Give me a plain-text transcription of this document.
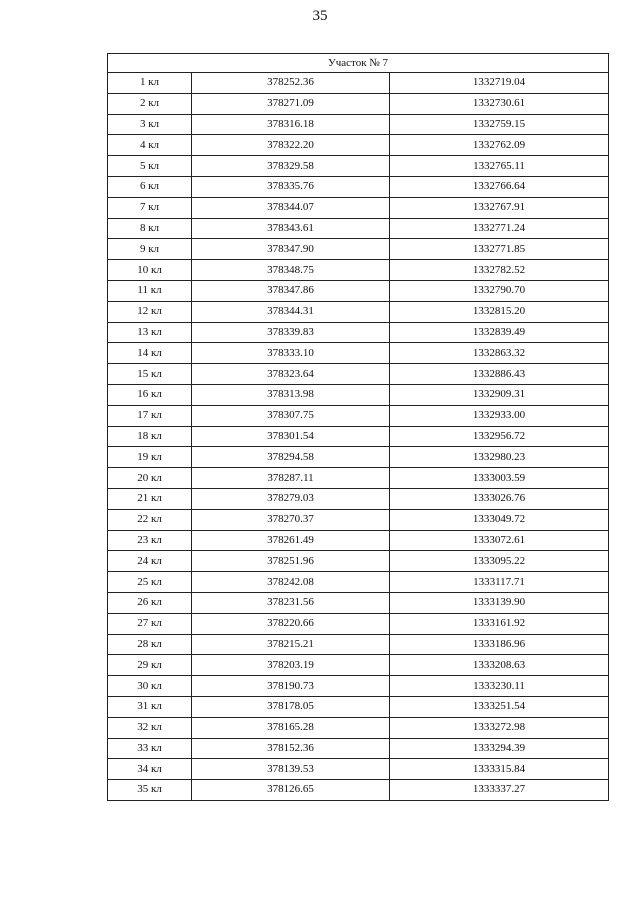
35
Участок № 7		
1 кл	378252.36	1332719.04
2 кл	378271.09	1332730.61
3 кл	378316.18	1332759.15
4 кл	378322.20	1332762.09
5 кл	378329.58	1332765.11
6 кл	378335.76	1332766.64
7 кл	378344.07	1332767.91
8 кл	378343.61	1332771.24
9 кл	378347.90	1332771.85
10 кл	378348.75	1332782.52
11 кл	378347.86	1332790.70
12 кл	378344.31	1332815.20
13 кл	378339.83	1332839.49
14 кл	378333.10	1332863.32
15 кл	378323.64	1332886.43
16 кл	378313.98	1332909.31
17 кл	378307.75	1332933.00
18 кл	378301.54	1332956.72
19 кл	378294.58	1332980.23
20 кл	378287.11	1333003.59
21 кл	378279.03	1333026.76
22 кл	378270.37	1333049.72
23 кл	378261.49	1333072.61
24 кл	378251.96	1333095.22
25 кл	378242.08	1333117.71
26 кл	378231.56	1333139.90
27 кл	378220.66	1333161.92
28 кл	378215.21	1333186.96
29 кл	378203.19	1333208.63
30 кл	378190.73	1333230.11
31 кл	378178.05	1333251.54
32 кл	378165.28	1333272.98
33 кл	378152.36	1333294.39
34 кл	378139.53	1333315.84
35 кл	378126.65	1333337.27
